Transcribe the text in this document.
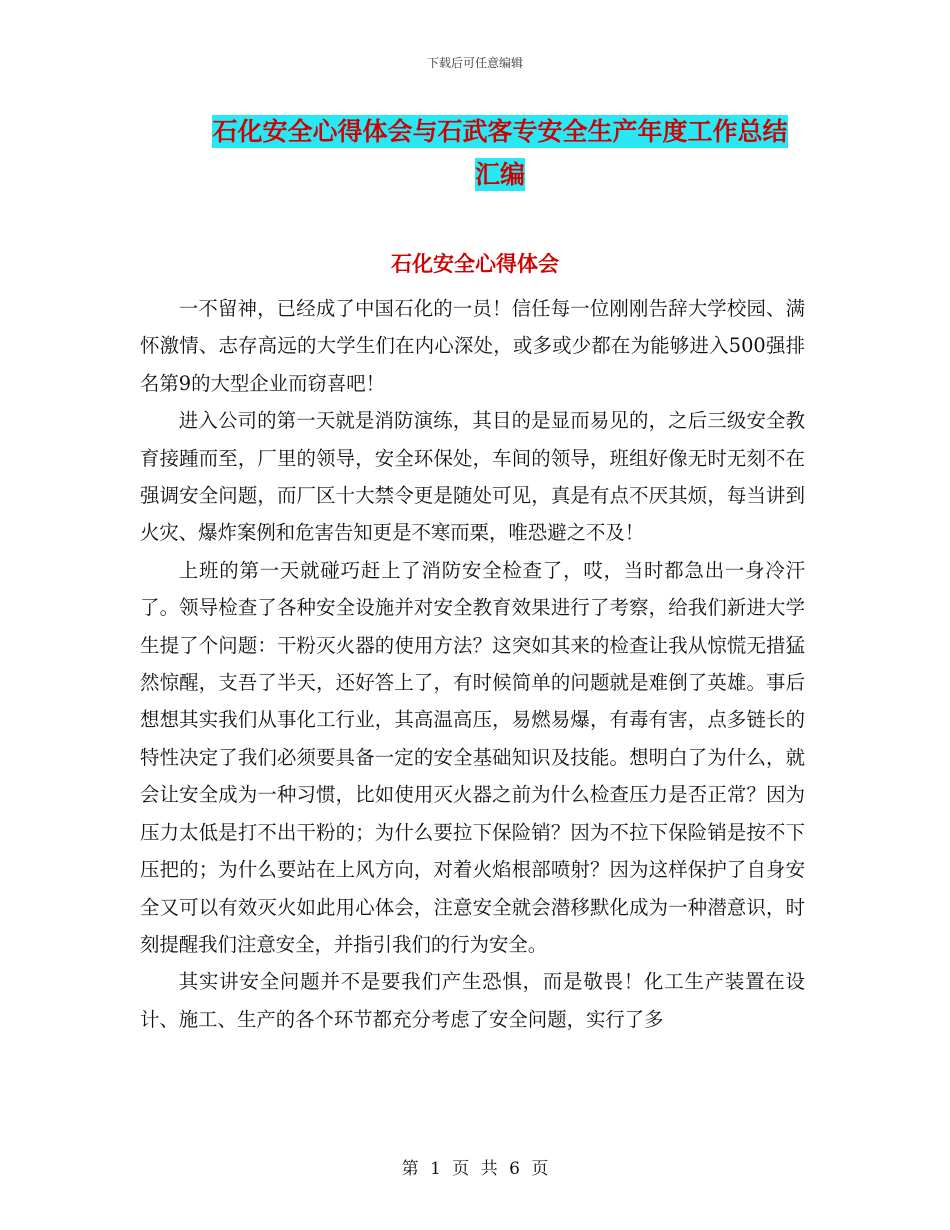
下载后可任意编辑
石化安全心得体会与石武客专安全生产年度工作总结
汇编
石化安全心得体会

一不留神，已经成了中国石化的一员！信任每一位刚刚告辞大学校园、满怀激情、志存高远的大学生们在内心深处，或多或少都在为能够进入500强排名第9的大型企业而窃喜吧！

进入公司的第一天就是消防演练，其目的是显而易见的，之后三级安全教育接踵而至，厂里的领导，安全环保处，车间的领导，班组好像无时无刻不在强调安全问题，而厂区十大禁令更是随处可见，真是有点不厌其烦，每当讲到火灾、爆炸案例和危害告知更是不寒而栗，唯恐避之不及！

上班的第一天就碰巧赶上了消防安全检查了，哎，当时都急出一身冷汗了。领导检查了各种安全设施并对安全教育效果进行了考察，给我们新进大学生提了个问题：干粉灭火器的使用方法？这突如其来的检查让我从惊慌无措猛然惊醒，支吾了半天，还好答上了，有时候简单的问题就是难倒了英雄。事后想想其实我们从事化工行业，其高温高压，易燃易爆，有毒有害，点多链长的特性决定了我们必须要具备一定的安全基础知识及技能。想明白了为什么，就会让安全成为一种习惯，比如使用灭火器之前为什么检查压力是否正常？因为压力太低是打不出干粉的；为什么要拉下保险销？因为不拉下保险销是按不下压把的；为什么要站在上风方向，对着火焰根部喷射？因为这样保护了自身安全又可以有效灭火如此用心体会，注意安全就会潜移默化成为一种潜意识，时刻提醒我们注意安全，并指引我们的行为安全。

其实讲安全问题并不是要我们产生恐惧，而是敬畏！化工生产装置在设计、施工、生产的各个环节都充分考虑了安全问题，实行了多

第 1 页 共 6 页
